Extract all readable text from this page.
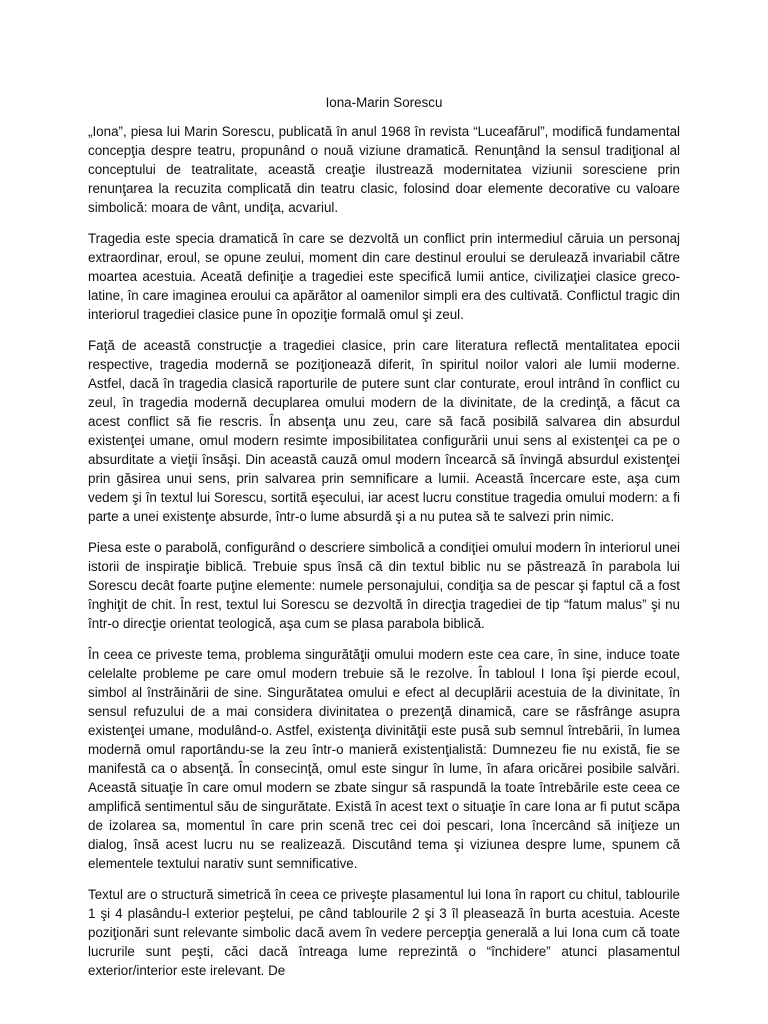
Iona-Marin Sorescu

„Iona”, piesa lui Marin Sorescu, publicată în anul 1968 în revista “Luceafărul”, modifică fundamental concepţia despre teatru, propunând o nouă viziune dramatică. Renunţând la sensul tradiţional al conceptului de teatralitate, această creaţie ilustrează modernitatea viziunii soresciene prin renunţarea la recuzita complicată din teatru clasic, folosind doar elemente decorative cu valoare simbolică: moara de vânt, undiţa, acvariul.

Tragedia este specia dramatică în care se dezvoltă un conflict prin intermediul căruia un personaj extraordinar, eroul, se opune zeului, moment din care destinul eroului se derulează invariabil către moartea acestuia. Aceată definiţie a tragediei este specifică lumii antice, civilizaţiei clasice greco-latine, în care imaginea eroului ca apărător al oamenilor simpli era des cultivată. Conflictul tragic din interiorul tragediei clasice pune în opoziţie formală omul şi zeul.

Faţă de această construcţie a tragediei clasice, prin care literatura reflectă mentalitatea epocii respective, tragedia modernă se poziţionează diferit, în spiritul noilor valori ale lumii moderne. Astfel, dacă în tragedia clasică raporturile de putere sunt clar conturate, eroul intrând în conflict cu zeul, în tragedia modernă decuplarea omului modern de la divinitate, de la credinţă, a făcut ca acest conflict să fie rescris. În absenţa unu zeu, care să facă posibilă salvarea din absurdul existenţei umane, omul modern resimte imposibilitatea configurării unui sens al existenţei ca pe o absurditate a vieţii însăşi. Din această cauză omul modern încearcă să învingă absurdul existenţei prin găsirea unui sens, prin salvarea prin semnificare a lumii. Această încercare este, aşa cum vedem şi în textul lui Sorescu, sortită eşecului, iar acest lucru constitue tragedia omului modern: a fi parte a unei existenţe absurde, într-o lume absurdă şi a nu putea să te salvezi prin nimic.

Piesa este o parabolă, configurând o descriere simbolică a condiţiei omului modern în interiorul unei istorii de inspiraţie biblică. Trebuie spus însă că din textul biblic nu se păstrează în parabola lui Sorescu decât foarte puţine elemente: numele personajului, condiţia sa de pescar şi faptul că a fost înghiţit de chit. În rest, textul lui Sorescu se dezvoltă în direcţia tragediei de tip “fatum malus” şi nu într-o direcţie orientat teologică, aşa cum se plasa parabola biblică.

În ceea ce priveste tema, problema singurătăţii omului modern este cea care, în sine, induce toate celelalte probleme pe care omul modern trebuie să le rezolve. În tabloul I Iona îşi pierde ecoul, simbol al înstrăinării de sine. Singurătatea omului e efect al decuplării acestuia de la divinitate, în sensul refuzului de a mai considera divinitatea o prezenţă dinamică, care se răsfrânge asupra existenţei umane, modulând-o. Astfel, existenţa divinităţii este pusă sub semnul întrebării, în lumea modernă omul raportându-se la zeu într-o manieră existenţialistă: Dumnezeu fie nu există, fie se manifestă ca o absenţă. În consecinţă, omul este singur în lume, în afara oricărei posibile salvări. Această situaţie în care omul modern se zbate singur să raspundă la toate întrebările este ceea ce amplifică sentimentul său de singurătate. Există în acest text o situaţie în care Iona ar fi putut scăpa de izolarea sa, momentul în care prin scenă trec cei doi pescari, Iona încercând să iniţieze un dialog, însă acest lucru nu se realizează. Discutând tema şi viziunea despre lume, spunem că elementele textului narativ sunt semnificative.

Textul are o structură simetrică în ceea ce priveşte plasamentul lui Iona în raport cu chitul, tablourile 1 şi 4 plasându-l exterior peştelui, pe când tablourile 2 şi 3 îl pleasează în burta acestuia. Aceste poziţionări sunt relevante simbolic dacă avem în vedere percepţia generală a lui Iona cum că toate lucrurile sunt peşti, căci dacă întreaga lume reprezintă o “închidere” atunci plasamentul exterior/interior este irelevant. De
